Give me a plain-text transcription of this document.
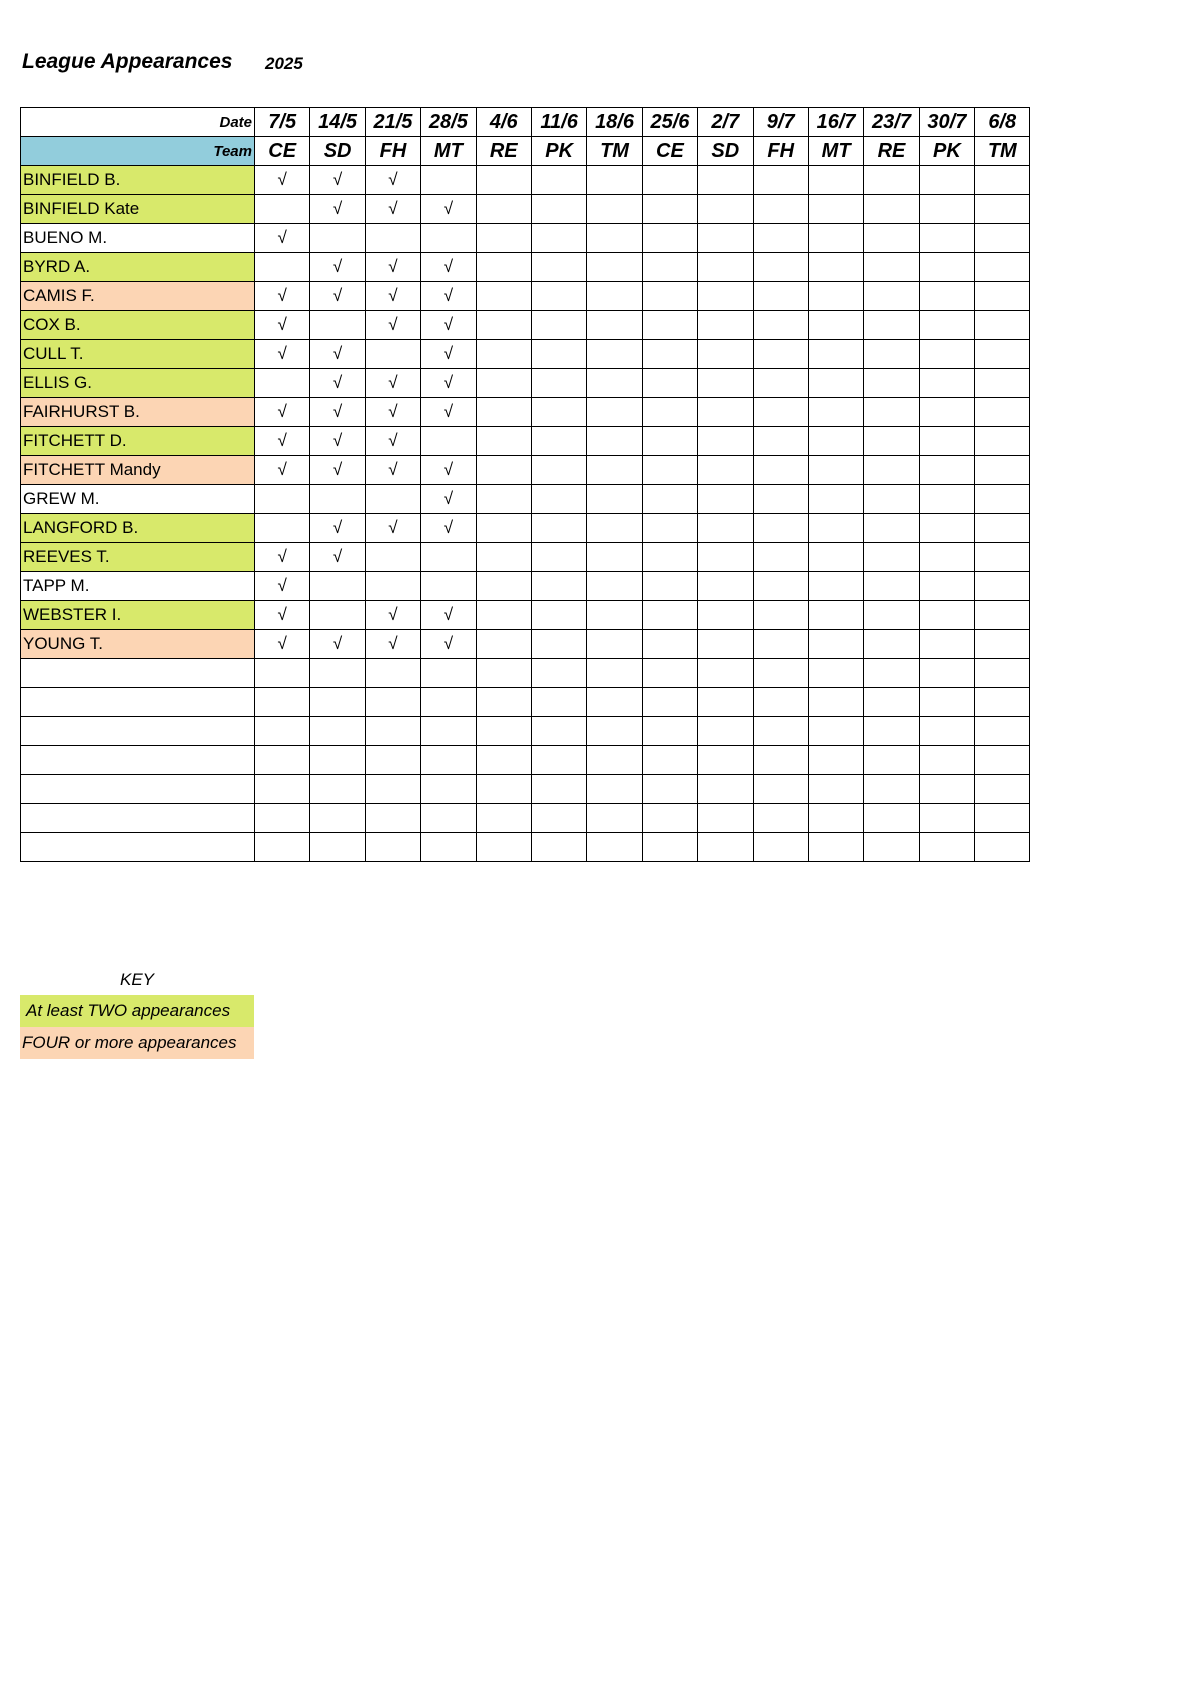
League Appearances 2025
Date	7/5	14/5	21/5	28/5	4/6	11/6	18/6	25/6	2/7	9/7	16/7	23/7	30/7	6/8
Team	CE	SD	FH	MT	RE	PK	TM	CE	SD	FH	MT	RE	PK	TM
BINFIELD B.	√	√	√											
BINFIELD Kate		√	√	√										
BUENO M.	√													
BYRD A.		√	√	√										
CAMIS F.	√	√	√	√										
COX B.	√		√	√										
CULL T.	√	√		√										
ELLIS G.		√	√	√										
FAIRHURST B.	√	√	√	√										
FITCHETT D.	√	√	√											
FITCHETT Mandy	√	√	√	√										
GREW M.				√										
LANGFORD B.		√	√	√										
REEVES T.	√	√												
TAPP M.	√													
WEBSTER I.	√		√	√										
YOUNG T.	√	√	√	√										

KEY
At least TWO appearances
FOUR or more appearances
